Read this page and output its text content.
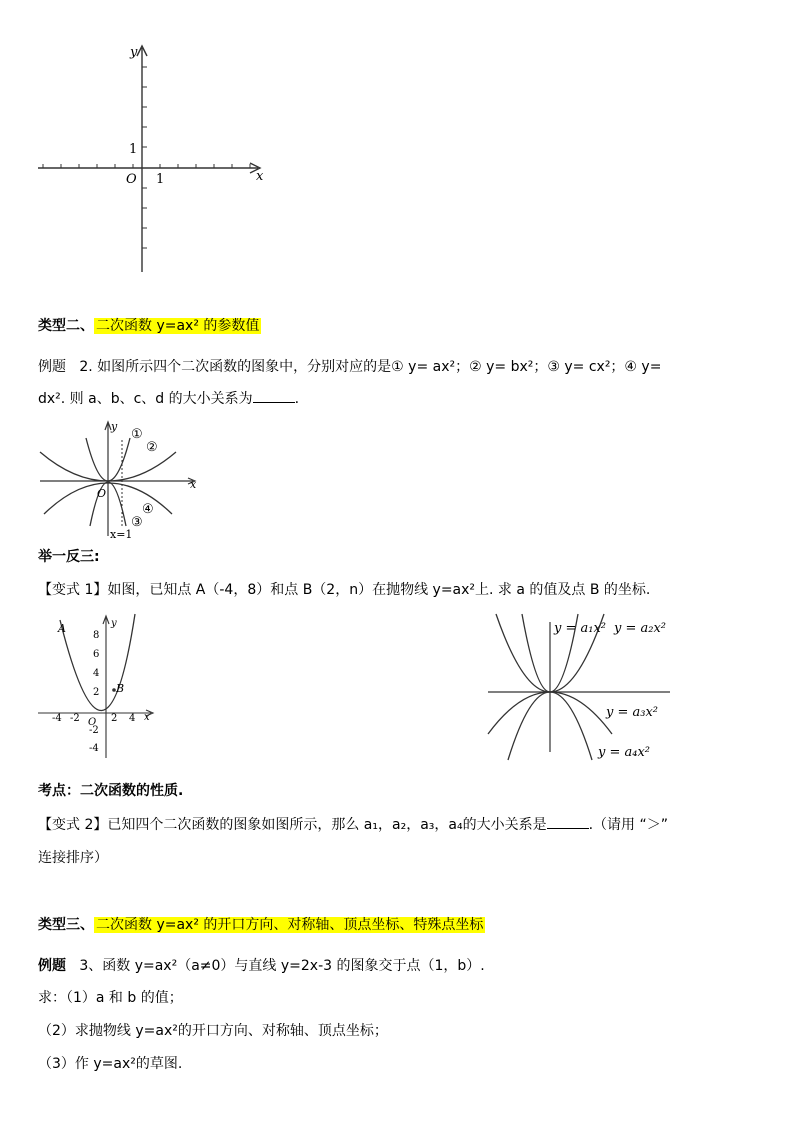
y
x
O
1
1
类型二、 二次函数 y=ax² 的参数值
例题 2. 如图所示四个二次函数的图象中，分别对应的是① y= ax²；② y= bx²；③ y= cx²；④ y=
dx². 则 a、b、c、d 的大小关系为	.
y
x
O
x=1
①
②
③
④
举一反三:
【变式 1】如图，已知点 A（-4，8）和点 B（2，n）在抛物线 y=ax²上. 求 a 的值及点 B 的坐标.
y
x
O
A
B
8
6
4
2
-2
-4
-4 -2	2 4
y = a₁x² y = a₂x²
y = a₃x²
y = a₄x²
考点：二次函数的性质.
【变式 2】已知四个二次函数的图象如图所示，那么 a₁，a₂，a₃，a₄的大小关系是	.（请用 “＞”
连接排序）
类型三、 二次函数 y=ax² 的开口方向、对称轴、顶点坐标、特殊点坐标
例题 3、函数 y=ax²（a≠0）与直线 y=2x-3 的图象交于点（1，b）.
求：（1）a 和 b 的值；
（2）求抛物线 y=ax²的开口方向、对称轴、顶点坐标；
（3）作 y=ax²的草图.
